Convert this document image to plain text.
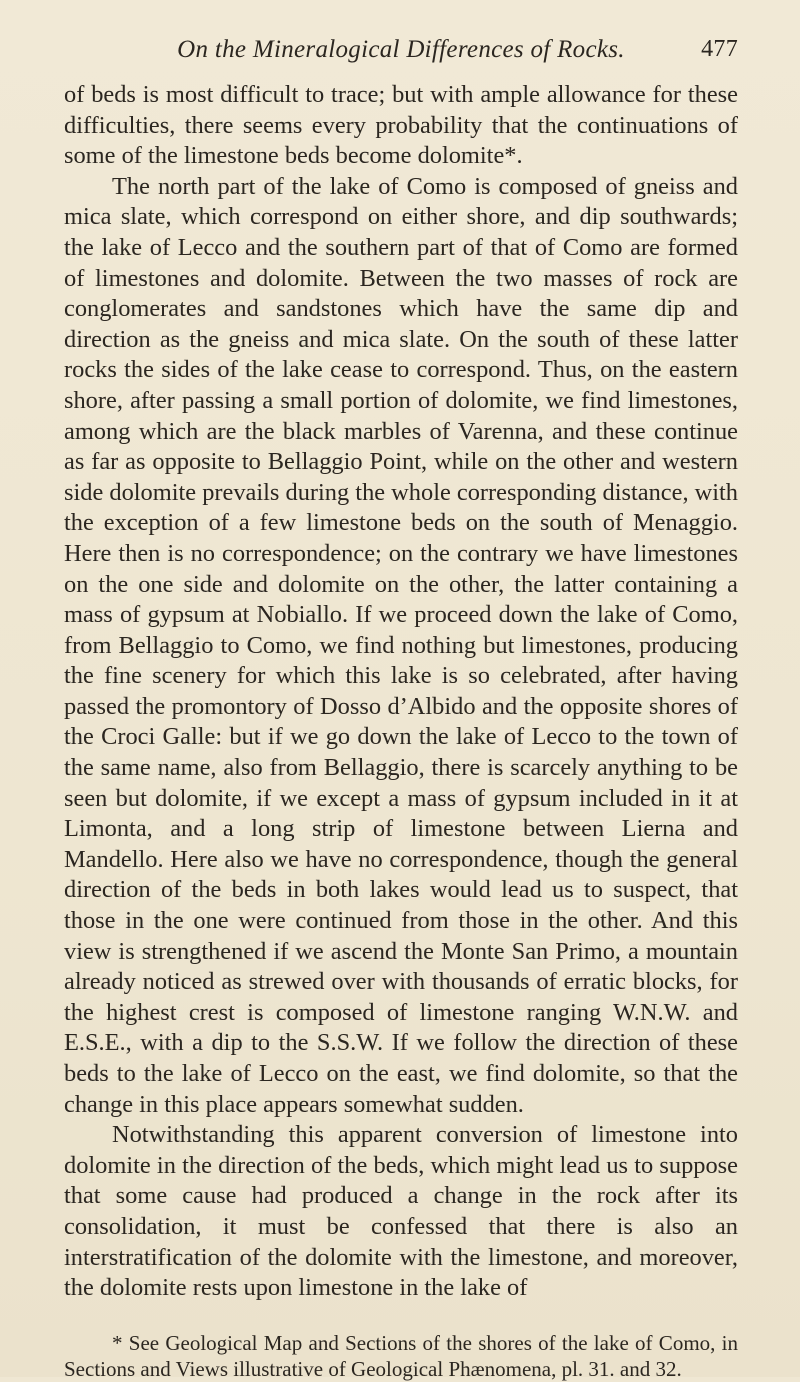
On the Mineralogical Differences of Rocks.	477

of beds is most difficult to trace; but with ample allowance for these difficulties, there seems every probability that the continuations of some of the limestone beds become dolomite*.

The north part of the lake of Como is composed of gneiss and mica slate, which correspond on either shore, and dip southwards; the lake of Lecco and the southern part of that of Como are formed of limestones and dolomite. Between the two masses of rock are conglomerates and sandstones which have the same dip and direction as the gneiss and mica slate. On the south of these latter rocks the sides of the lake cease to correspond. Thus, on the eastern shore, after passing a small portion of dolomite, we find limestones, among which are the black marbles of Varenna, and these continue as far as opposite to Bellaggio Point, while on the other and western side dolomite prevails during the whole corresponding distance, with the exception of a few limestone beds on the south of Menaggio. Here then is no correspondence; on the contrary we have limestones on the one side and dolomite on the other, the latter containing a mass of gypsum at Nobiallo. If we proceed down the lake of Como, from Bellaggio to Como, we find nothing but limestones, producing the fine scenery for which this lake is so celebrated, after having passed the promontory of Dosso d’Albido and the opposite shores of the Croci Galle: but if we go down the lake of Lecco to the town of the same name, also from Bellaggio, there is scarcely anything to be seen but dolomite, if we except a mass of gypsum included in it at Limonta, and a long strip of limestone between Lierna and Mandello. Here also we have no correspondence, though the general direction of the beds in both lakes would lead us to suspect, that those in the one were continued from those in the other. And this view is strengthened if we ascend the Monte San Primo, a mountain already noticed as strewed over with thousands of erratic blocks, for the highest crest is composed of limestone ranging W.N.W. and E.S.E., with a dip to the S.S.W. If we follow the direction of these beds to the lake of Lecco on the east, we find dolomite, so that the change in this place appears somewhat sudden.

Notwithstanding this apparent conversion of limestone into dolomite in the direction of the beds, which might lead us to suppose that some cause had produced a change in the rock after its consolidation, it must be confessed that there is also an interstratification of the dolomite with the limestone, and moreover, the dolomite rests upon limestone in the lake of

* See Geological Map and Sections of the shores of the lake of Como, in Sections and Views illustrative of Geological Phænomena, pl. 31. and 32.
